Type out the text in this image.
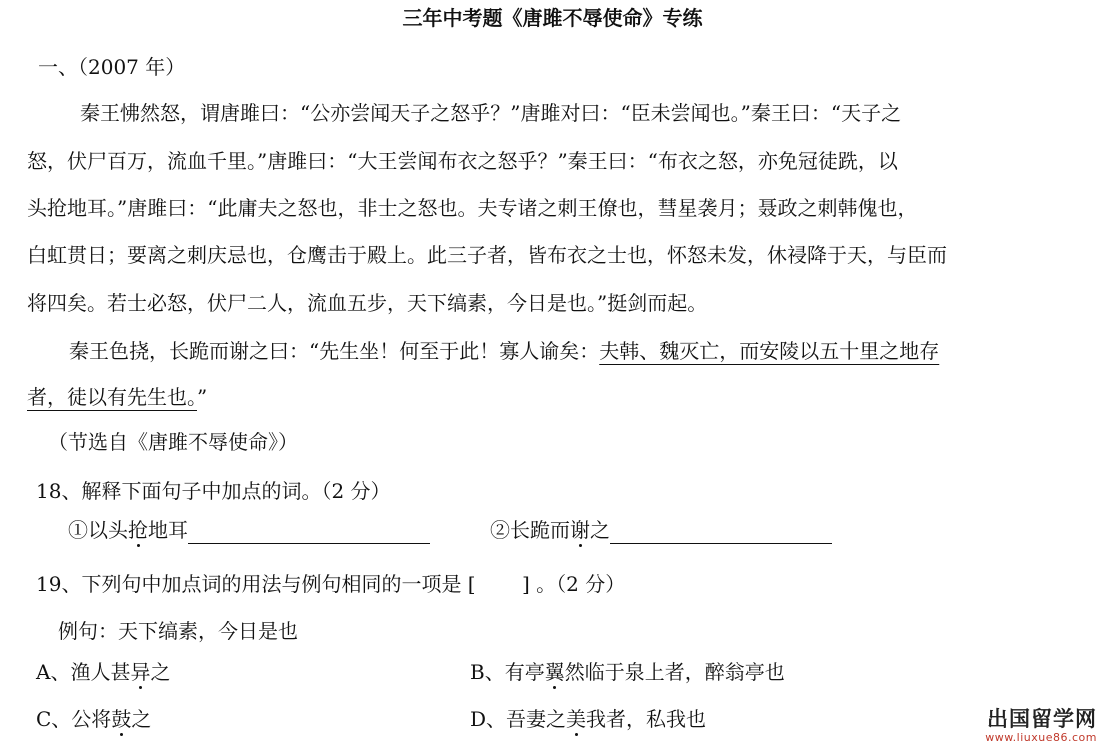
三年中考题《唐雎不辱使命》专练
一、（2007 年）
秦王怫然怒，谓唐雎曰：“公亦尝闻天子之怒乎？”唐雎对曰：“臣未尝闻也。”秦王曰：“天子之
怒，伏尸百万，流血千里。”唐雎曰：“大王尝闻布衣之怒乎？”秦王曰：“布衣之怒，亦免冠徒跣，以
头抢地耳。”唐雎曰：“此庸夫之怒也，非士之怒也。夫专诸之刺王僚也，彗星袭月；聂政之刺韩傀也，
白虹贯日；要离之刺庆忌也，仓鹰击于殿上。此三子者，皆布衣之士也，怀怒未发，休祲降于天，与臣而
将四矣。若士必怒，伏尸二人，流血五步，天下缟素，今日是也。”挺剑而起。
秦王色挠，长跪而谢之曰：“先生坐！何至于此！寡人谕矣：夫韩、魏灭亡，而安陵以五十里之地存
者，徒以有先生也。”
（节选自《唐雎不辱使命》）
18、解释下面句子中加点的词。（2 分）
①以头抢地耳	②长跪而谢之
19、下列句中加点词的用法与例句相同的一项是 [　　 ] 。（2 分）
例句：天下缟素，今日是也
A、渔人甚异之	B、有亭翼然临于泉上者，醉翁亭也
C、公将鼓之	D、吾妻之美我者，私我也	出国留学网
www.liuxue86.com
